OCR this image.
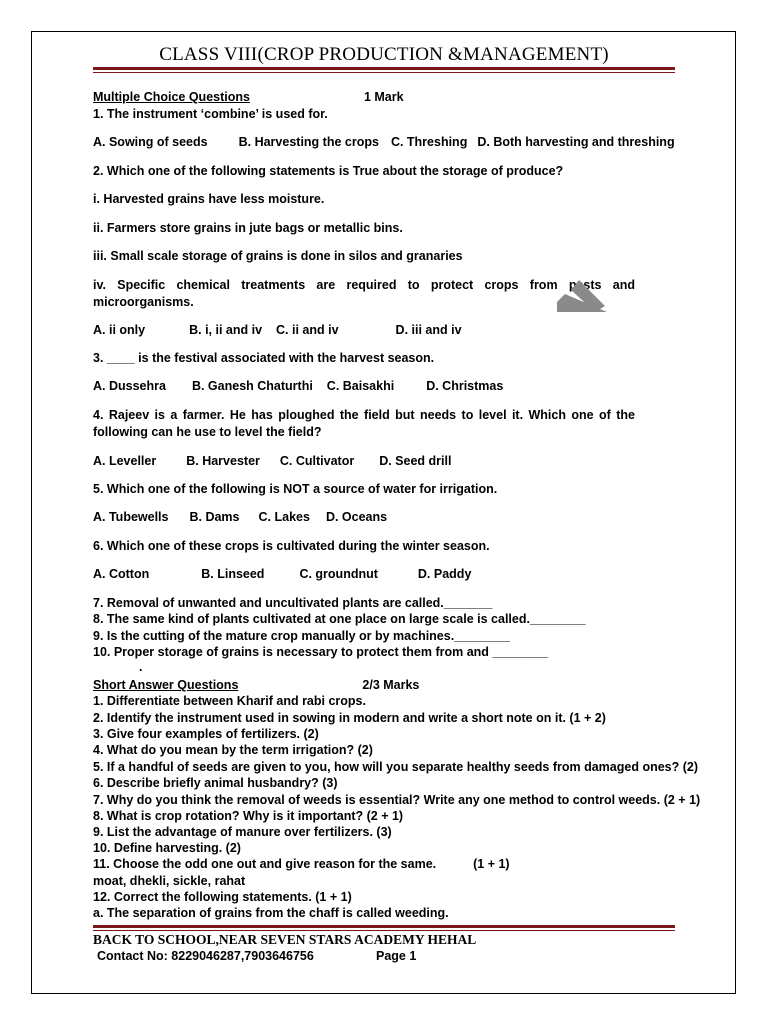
CLASS VIII(CROP PRODUCTION &MANAGEMENT)
Multiple Choice Questions	1 Mark
1. The instrument ‘combine’ is used for.
A. Sowing of seeds B. Harvesting the crops C. Threshing D. Both harvesting and threshing
2. Which one of the following statements is True about the storage of produce?
i. Harvested grains have less moisture.
ii. Farmers store grains in jute bags or metallic bins.
iii. Small scale storage of grains is done in silos and granaries
iv. Specific chemical treatments are required to protect crops from pests and microorganisms.
A. ii only	B. i, ii and iv C. ii and iv	D. iii and iv
3. ____ is the festival associated with the harvest season.
A. Dussehra B. Ganesh Chaturthi C. Baisakhi	D. Christmas
4. Rajeev is a farmer. He has ploughed the field but needs to level it. Which one of the following can he use to level the field?
A. Leveller B. Harvester C. Cultivator D. Seed drill
5. Which one of the following is NOT a source of water for irrigation.
A. Tubewells B. Dams C. Lakes D. Oceans
6. Which one of these crops is cultivated during the winter season.
A. Cotton	B. Linseed	C. groundnut	D. Paddy
7. Removal of unwanted and uncultivated plants are called._______
8. The same kind of plants cultivated at one place on large scale is called.________
9. Is the cutting of the mature crop manually or by machines.________
10. Proper storage of grains is necessary to protect them from and ________
.
Short Answer Questions	2/3 Marks
1. Differentiate between Kharif and rabi crops.
2. Identify the instrument used in sowing in modern and write a short note on it. (1 + 2)
3. Give four examples of fertilizers. (2)
4. What do you mean by the term irrigation? (2)
5. If a handful of seeds are given to you, how will you separate healthy seeds from damaged ones? (2)
6. Describe briefly animal husbandry? (3)
7. Why do you think the removal of weeds is essential? Write any one method to control weeds. (2 + 1)
8. What is crop rotation? Why is it important? (2 + 1)
9. List the advantage of manure over fertilizers. (3)
10. Define harvesting. (2)
11. Choose the odd one out and give reason for the same.	(1 + 1)
moat, dhekli, sickle, rahat
12. Correct the following statements. (1 + 1)
a. The separation of grains from the chaff is called weeding.
BACK TO SCHOOL,NEAR SEVEN STARS ACADEMY HEHAL
Contact No: 8229046287,7903646756	Page 1
